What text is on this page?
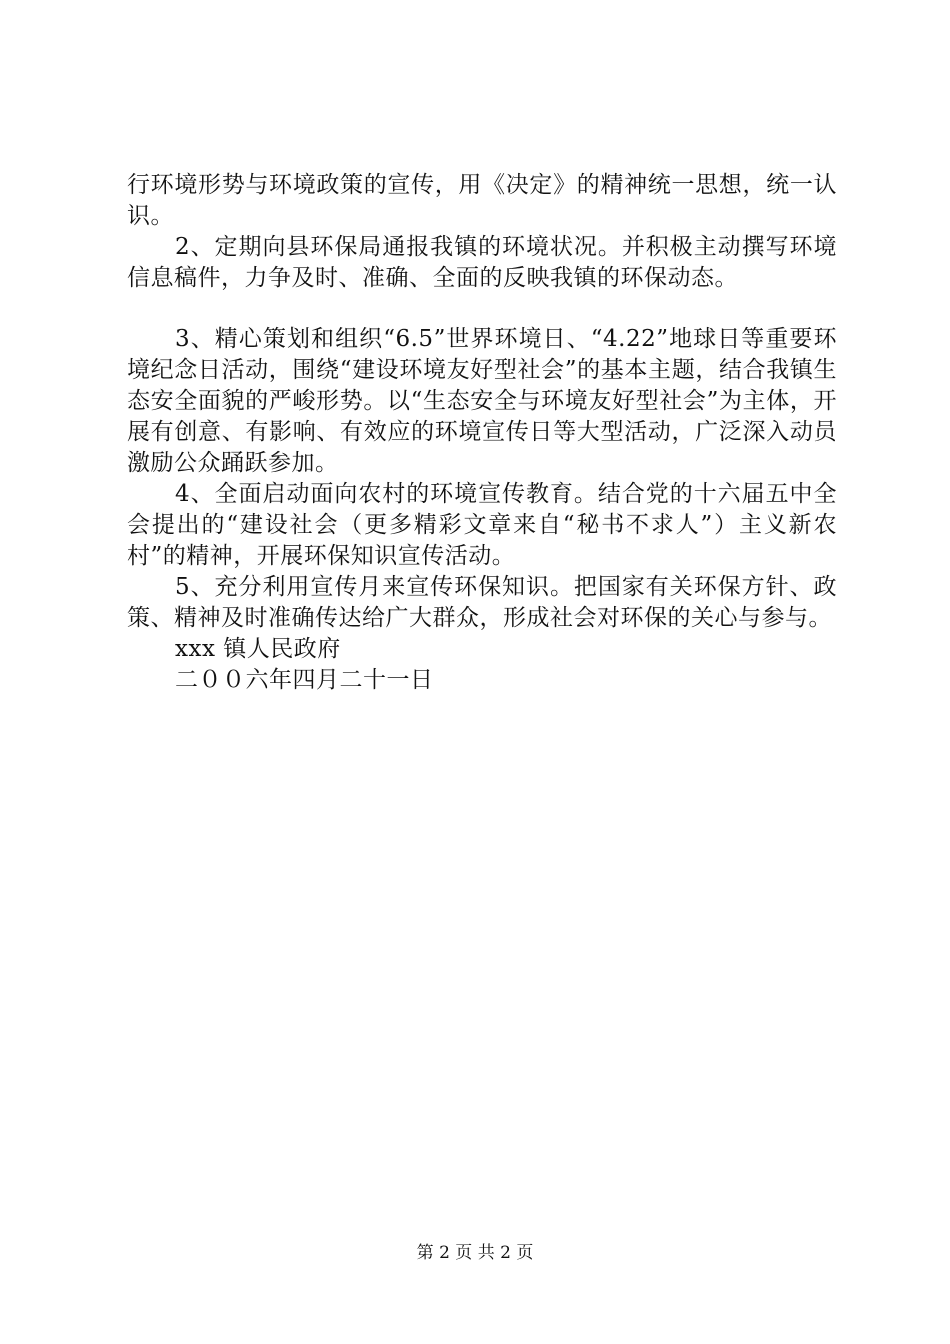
行环境形势与环境政策的宣传，用《决定》的精神统一思想，统一认识。

2、定期向县环保局通报我镇的环境状况。并积极主动撰写环境信息稿件，力争及时、准确、全面的反映我镇的环保动态。

3、精心策划和组织“6.5”世界环境日、“4.22”地球日等重要环境纪念日活动，围绕“建设环境友好型社会”的基本主题，结合我镇生态安全面貌的严峻形势。以“生态安全与环境友好型社会”为主体，开展有创意、有影响、有效应的环境宣传日等大型活动，广泛深入动员激励公众踊跃参加。

4、全面启动面向农村的环境宣传教育。结合党的十六届五中全会提出的“建设社会（更多精彩文章来自“秘书不求人”）主义新农村”的精神，开展环保知识宣传活动。

5、充分利用宣传月来宣传环保知识。把国家有关环保方针、政策、精神及时准确传达给广大群众，形成社会对环保的关心与参与。

xxx 镇人民政府
二００六年四月二十一日
第 2 页 共 2 页
